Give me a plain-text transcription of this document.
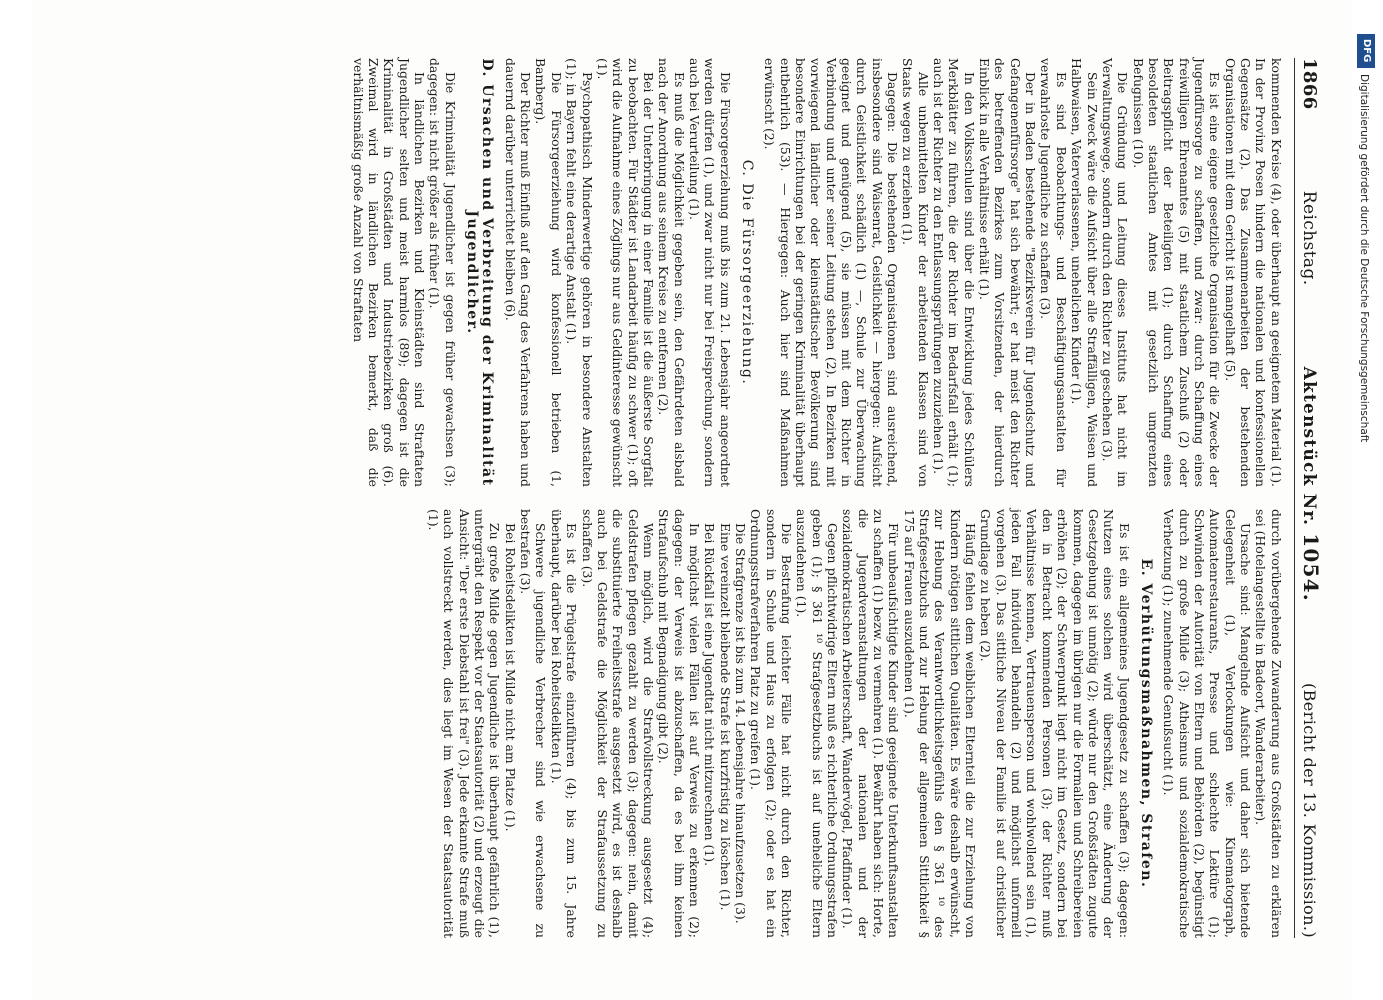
1866
Reichstag.
Aktenstück Nr. 1054.
(Bericht der 13. Kommission.)

kommenden Kreise (4), oder überhaupt an geeignetem Material (1). In der Provinz Posen hindern die nationalen und konfessionellen Gegensätze (2). Das Zusammenarbeiten der bestehenden Organisationen mit dem Gericht ist mangelhaft (5).

Es ist eine eigene gesetzliche Organisation für die Zwecke der Jugendfürsorge zu schaffen, und zwar: durch Schaffung eines freiwilligen Ehrenamtes (5) mit staatlichem Zuschuß (2) oder Beitragspflicht der Beteiligten (1); durch Schaffung eines besoldeten staatlichen Amtes mit gesetzlich umgrenzten Befugnissen (10).

Die Gründung und Leitung dieses Instituts hat nicht im Verwaltungswege, sondern durch den Richter zu geschehen (3).

Sein Zweck wäre die Aufsicht über alle Straffälligen, Waisen und Halbwaisen, Vaterverlassenen, unehelichen Kinder (1).

Es sind Beobachtungs- und Beschäftigungsanstalten für verwahrloste Jugendliche zu schaffen (3).

Der in Baden bestehende "Bezirksverein für Jugendschutz und Gefangenenfürsorge" hat sich bewährt; er hat meist den Richter des betreffenden Bezirkes zum Vorsitzenden, der hierdurch Einblick in alle Verhältnisse erhält (1).

In den Volksschulen sind über die Entwicklung jedes Schülers Merkblätter zu führen, die der Richter im Bedarfsfall erhält (1); auch ist der Richter zu den Entlassungsprüfungen zuzuziehen (1).

Alle unbemittelten Kinder der arbeitenden Klassen sind von Staats wegen zu erziehen (1).

Dagegen: Die bestehenden Organisationen sind ausreichend, insbesondere sind Waisenrat, Geistlichkeit — hiergegen: Aufsicht durch Geistlichkeit schädlich (1) —, Schule zur Überwachung geeignet und genügend (5), sie müssen mit dem Richter in Verbindung und unter seiner Leitung stehen (2). In Bezirken mit vorwiegend ländlicher oder kleinstädtischer Bevölkerung sind besondere Einrichtungen bei der geringen Kriminalität überhaupt entbehrlich (53). — Hiergegen: Auch hier sind Maßnahmen erwünscht (2).

C. Die Fürsorgeerziehung.

Die Fürsorgeerziehung muß bis zum 21. Lebensjahr angeordnet werden dürfen (1), und zwar nicht nur bei Freisprechung, sondern auch bei Verurteilung (1).

Es muß die Möglichkeit gegeben sein, den Gefährdeten alsbald nach der Anordnung aus seinem Kreise zu entfernen (2).

Bei der Unterbringung in einer Familie ist die äußerste Sorgfalt zu beobachten. Für Städter ist Landarbeit häufig zu schwer (1); oft wird die Aufnahme eines Zöglings nur aus Geldinteresse gewünscht (1).

Psychopathisch Minderwertige gehören in besondere Anstalten (1); in Bayern fehlt eine derartige Anstalt (1).

Die Fürsorgeerziehung wird konfessionell betrieben (1, Bamberg).

Der Richter muß Einfluß auf den Gang des Verfahrens haben und dauernd darüber unterrichtet bleiben (6).

D. Ursachen und Verbreitung der Kriminalität Jugendlicher.

Die Kriminalität Jugendlicher ist gegen früher gewachsen (3); dagegen: ist nicht größer als früher (1).

In ländlichen Bezirken und Kleinstädten sind Straftaten Jugendlicher selten und meist harmlos (89); dagegen ist die Kriminalität in Großstädten und Industriebezirken groß (6). Zweimal wird in ländlichen Bezirken bemerkt, daß die verhältnismäßig große Anzahl von Straftaten

durch vorübergehende Zuwanderung aus Großstädten zu erklären sei (Hotelangestellte in Badeort, Wanderarbeiter).

Ursache sind: Mangelnde Aufsicht und daher sich bietende Gelegenheit (1), Verlockungen wie: Kinematograph, Automatenrestaurants, Presse und schlechte Lektüre (1); Schwinden der Autorität von Eltern und Behörden (2), begünstigt durch zu große Milde (3); Atheismus und sozialdemokratische Verhetzung (1); zunehmende Genußsucht (1).

E. Verhütungsmaßnahmen, Strafen.

Es ist ein allgemeines Jugendgesetz zu schaffen (3); dagegen: Nutzen eines solchen wird überschätzt, eine Änderung der Gesetzgebung ist unnötig (2); würde nur den Großstädten zugute kommen, dagegen im übrigen nur die Formalien und Schreibereien erhöhen (2); der Schwerpunkt liegt nicht im Gesetz, sondern bei den in Betracht kommenden Personen (3); der Richter muß Verhältnisse kennen, Vertrauensperson und wohlwollend sein (1), jeden Fall individuell behandeln (2) und möglichst unformell vorgehen (3). Das sittliche Niveau der Familie ist auf christlicher Grundlage zu heben (2).

Häufig fehlen dem weiblichen Elternteil die zur Erziehung von Kindern nötigen sittlichen Qualitäten. Es wäre deshalb erwünscht, zur Hebung des Verantwortlichkeitsgefühls den § 361 ¹⁰ des Strafgesetzbuchs und zur Hebung der allgemeinen Sittlichkeit § 175 auf Frauen auszudehnen (1).

Für unbeaufsichtigte Kinder sind geeignete Unterkunftsanstalten zu schaffen (1) bezw. zu vermehren (1). Bewährt haben sich: Horte, die Jugendveranstaltungen der nationalen und der sozialdemokratischen Arbeiterschaft, Wandervögel, Pfadfinder (1).

Gegen pflichtwidrige Eltern muß es richterliche Ordnungsstrafen geben (1); § 361 ¹⁰ Strafgesetzbuchs ist auf uneheliche Eltern auszudehnen (1).

Die Bestrafung leichter Fälle hat nicht durch den Richter, sondern in Schule und Haus zu erfolgen (2); oder es hat ein Ordnungsstrafverfahren Platz zu greifen (1).

Die Strafgrenze ist bis zum 14. Lebensjahre hinaufzusetzen (3).

Eine vereinzelt bleibende Strafe ist kurzfristig zu löschen (1).

Bei Rückfall ist eine Jugendtat nicht mitzurechnen (1).

In möglichst vielen Fällen ist auf Verweis zu erkennen (2); dagegen: der Verweis ist abzuschaffen, da es bei ihm keinen Strafaufschub mit Begnadigung gibt (2).

Wenn möglich, wird die Strafvollstreckung ausgesetzt (4); Geldstrafen pflegen gezahlt zu werden (3); dagegen: nein, damit die substituierte Freiheitsstrafe ausgesetzt wird, es ist deshalb auch bei Geldstrafe die Möglichkeit der Strafaussetzung zu schaffen (3).

Es ist die Prügelstrafe einzuführen (4); bis zum 15. Jahre überhaupt, darüber bei Roheitsdelikten (1).

Schwere jugendliche Verbrecher sind wie erwachsene zu bestrafen (3).

Bei Roheitsdelikten ist Milde nicht am Platze (1).

Zu große Milde gegen Jugendliche ist überhaupt gefährlich (1), untergräbt den Respekt vor der Staatsautorität (2) und erzeugt die Ansicht: "Der erste Diebstahl ist frei" (3). Jede erkannte Strafe muß auch vollstreckt werden, dies liegt im Wesen der Staatsautorität (1).

DFG
Digitalisierung gefördert durch die Deutsche Forschungsgemeinschaft
